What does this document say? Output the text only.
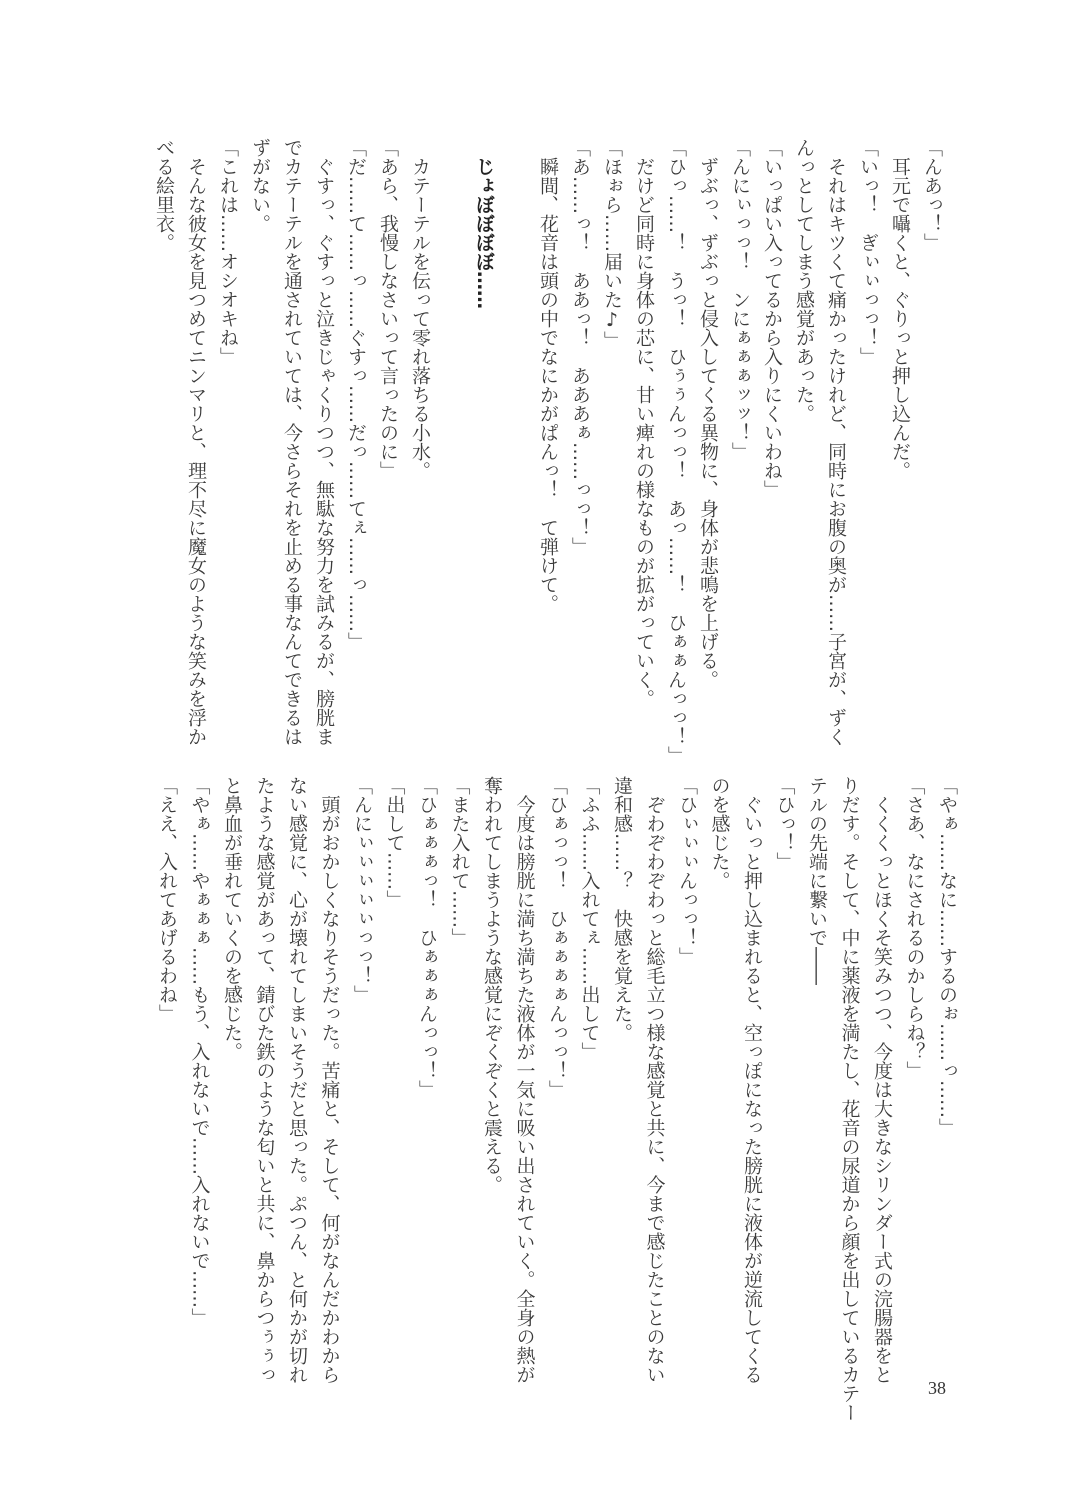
「んあっ！」
　耳元で囁くと、ぐりっと押し込んだ。
「いっ！　ぎぃぃっっ！」
　それはキツくて痛かったけれど、同時にお腹の奥が……子宮が、ずく
んっとしてしまう感覚があった。
「いっぱい入ってるから入りにくいわね」
「んにぃっっ！　ンにぁぁぁッッ！」
　ずぶっ、ずぶっと侵入してくる異物に、身体が悲鳴を上げる。
「ひっ……！　うっ！　ひぅぅんっっ！　あっ……！　ひぁぁんっっ！」
　だけど同時に身体の芯に、甘い痺れの様なものが拡がっていく。
「ほぉら……届いた♪」
「あ……っ！　ああっ！　あああぁ……っっ！」
　瞬間、花音は頭の中でなにかがぱんっ！　て弾けて。
　じょぼぼぼぼ……
　カテーテルを伝って零れ落ちる小水。
「あら、我慢しなさいって言ったのに」
「だ……て……っ……ぐすっ……だっ……てぇ……っ……」
　ぐすっ、ぐすっと泣きじゃくりつつ、無駄な努力を試みるが、膀胱ま
でカテーテルを通されていては、今さらそれを止める事なんてできるは
ずがない。
「これは……オシオキね」
　そんな彼女を見つめてニンマリと、理不尽に魔女のような笑みを浮か
べる絵里衣。
「やぁ……なに……するのぉ……っ……」
「さあ、なにされるのかしらね？」
　くくくっとほくそ笑みつつ、今度は大きなシリンダー式の浣腸器をと
りだす。そして、中に薬液を満たし、花音の尿道から顔を出しているカテー
テルの先端に繋いで――
「ひっ！」
　ぐいっと押し込まれると、空っぽになった膀胱に液体が逆流してくる
のを感じた。
「ひぃぃぃんっっ！」
　ぞわぞわぞわっと総毛立つ様な感覚と共に、今まで感じたことのない
違和感……？　快感を覚えた。
「ふふ……入れてぇ……出して」
「ひぁっっ！　ひぁぁぁぁんっっ！」
　今度は膀胱に満ち満ちた液体が一気に吸い出されていく。全身の熱が
奪われてしまうような感覚にぞくぞくと震える。
「また入れて……」
「ひぁぁぁっ！　ひぁぁぁんっっ！」
「出して……」
「んにぃぃぃぃぃっっ！」
　頭がおかしくなりそうだった。苦痛と、そして、何がなんだかわから
ない感覚に、心が壊れてしまいそうだと思った。ぷつん、と何かが切れ
たような感覚があって、錆びた鉄のような匂いと共に、鼻からつぅぅっ
と鼻血が垂れていくのを感じた。
「やぁ……やぁぁぁ……もう、入れないで……入れないで……」
「ええ、入れてあげるわね」
38
